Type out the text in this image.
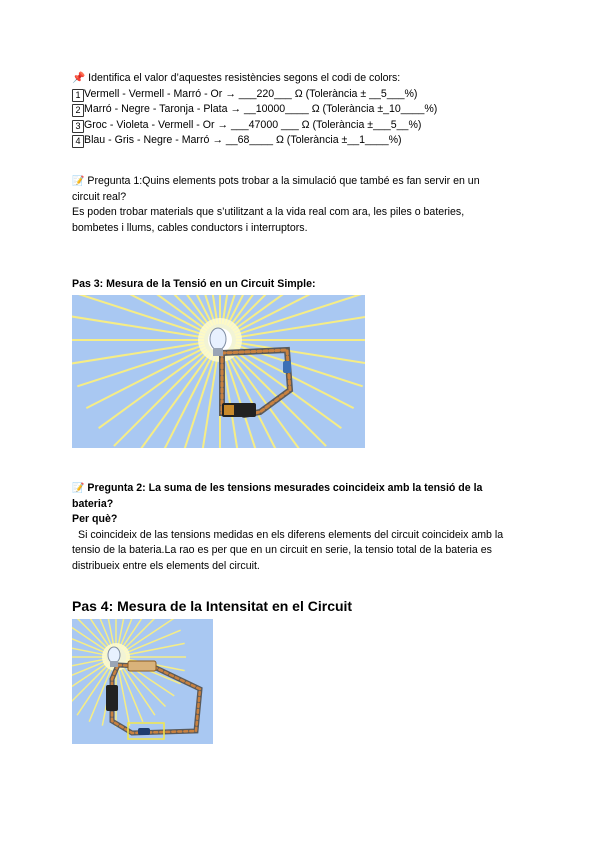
📌 Identifica el valor d’aquestes resistències segons el codi de colors:
1 Vermell - Vermell - Marró - Or → ___220___ Ω (Tolerància ± __5___%)
2 Marró - Negre - Taronja - Plata → __10000____ Ω (Tolerància ±_10____%)
3 Groc - Violeta - Vermell - Or → ___47000 ___ Ω (Tolerància ±___5__%)
4 Blau - Gris - Negre - Marró → __68____ Ω (Tolerància ±__1____%)
📝 Pregunta 1:Quins elements pots trobar a la simulació que també es fan servir en un
circuit real?
Es poden trobar materials que s’utilitzant a la vida real com ara, les piles o bateries,
bombetes i llums, cables conductors i interruptors.
Pas 3: Mesura de la Tensió en un Circuit Simple:
📝 Pregunta 2: La suma de les tensions mesurades coincideix amb la tensió de la
bateria?
Per què?
Si coincideix de las tensions medidas en els diferens elements del circuit coincideix amb la
tensio de la bateria.La rao es per que en un circuit en serie, la tensio total de la bateria es
distribueix entre els elements del circuit.
Pas 4: Mesura de la Intensitat en el Circuit
